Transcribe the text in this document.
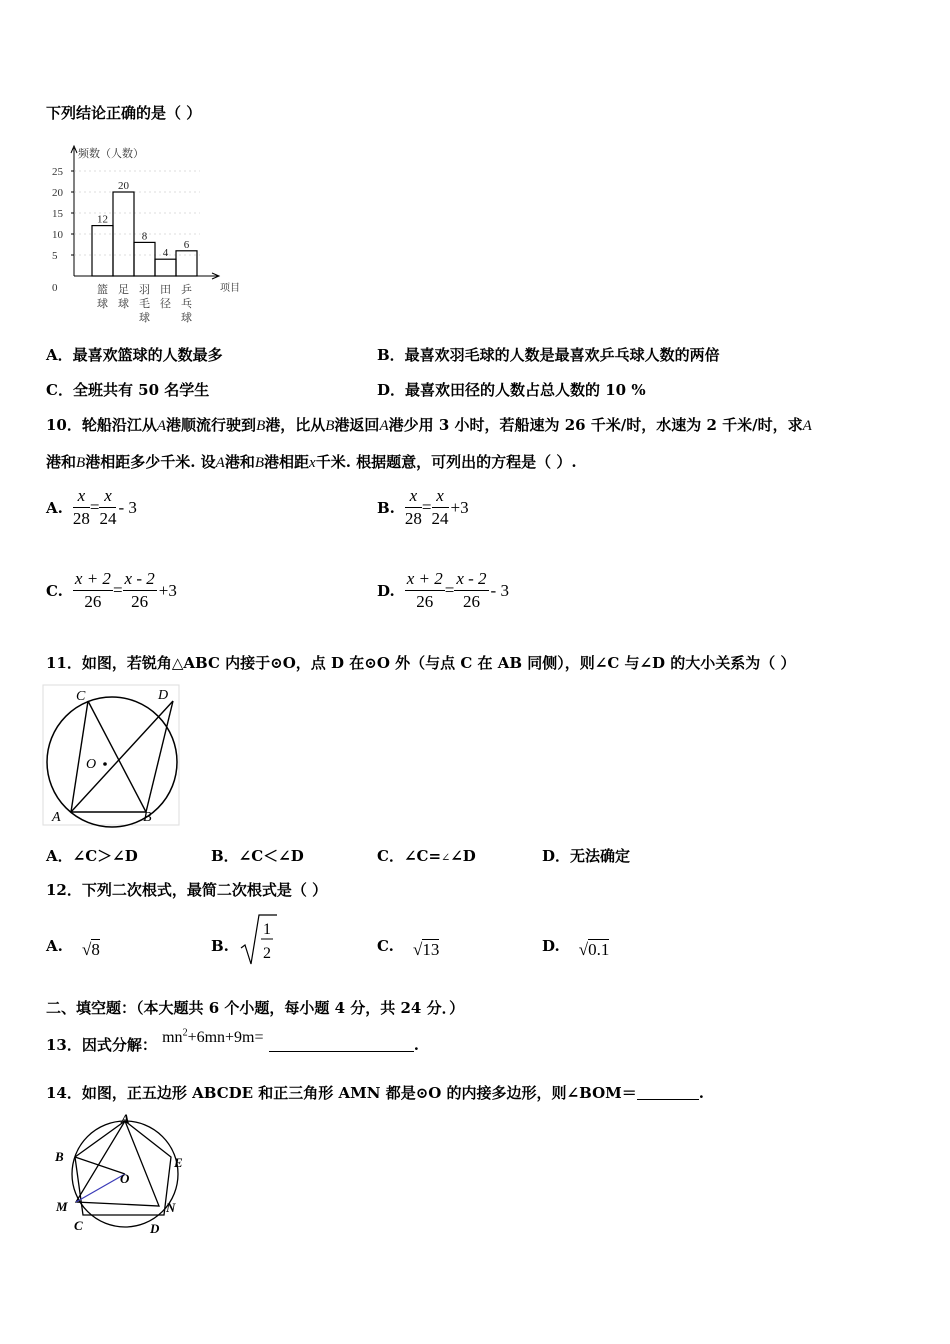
下列结论正确的是（ ）
频数（人数）
项目
0
5
10
15
20
25
12
篮
球
20
足
球
8
羽
毛
球
4
田
径
6
乒
乓
球
A．最喜欢篮球的人数最多	B．最喜欢羽毛球的人数是最喜欢乒乓球人数的两倍
C．全班共有 50 名学生	D．最喜欢田径的人数占总人数的 10 %
10．轮船沿江从A港顺流行驶到B港，比从B港返回A港少用 3 小时，若船速为 26 千米/时，水速为 2 千米/时，求A
港和B港相距多少千米. 设A港和B港相距x千米. 根据题意，可列出的方程是（ ）.
A. $\frac{x}{28} = \frac{x}{24} - 3$	B. $\frac{x}{28} = \frac{x}{24} +3$
C. $\frac{x + 2}{26} = \frac{x - 2}{26} +3$	D. $\frac{x + 2}{26} = \frac{x - 2}{26} - 3$
11．如图，若锐角△ABC 内接于⊙O，点 D 在⊙O 外（与点 C 在 AB 同侧），则∠C 与∠D 的大小关系为（ ）
C	D
O
A	B
A．∠C＞∠D	B．∠C＜∠D	C．∠C=∠∠D	D．无法确定
12．下列二次根式，最简二次根式是（ ）
A. √8	B.
1
2	C. √13	D. √0.1
二、填空题：（本大题共 6 个小题，每小题 4 分，共 24 分．）
13．因式分解： $mn^2+6mn+9m=$	.
14．如图，正五边形 ABCDE 和正三角形 AMN 都是⊙O 的内接多边形，则∠BOM＝	.
A
B	E
O
M	N
C	D
